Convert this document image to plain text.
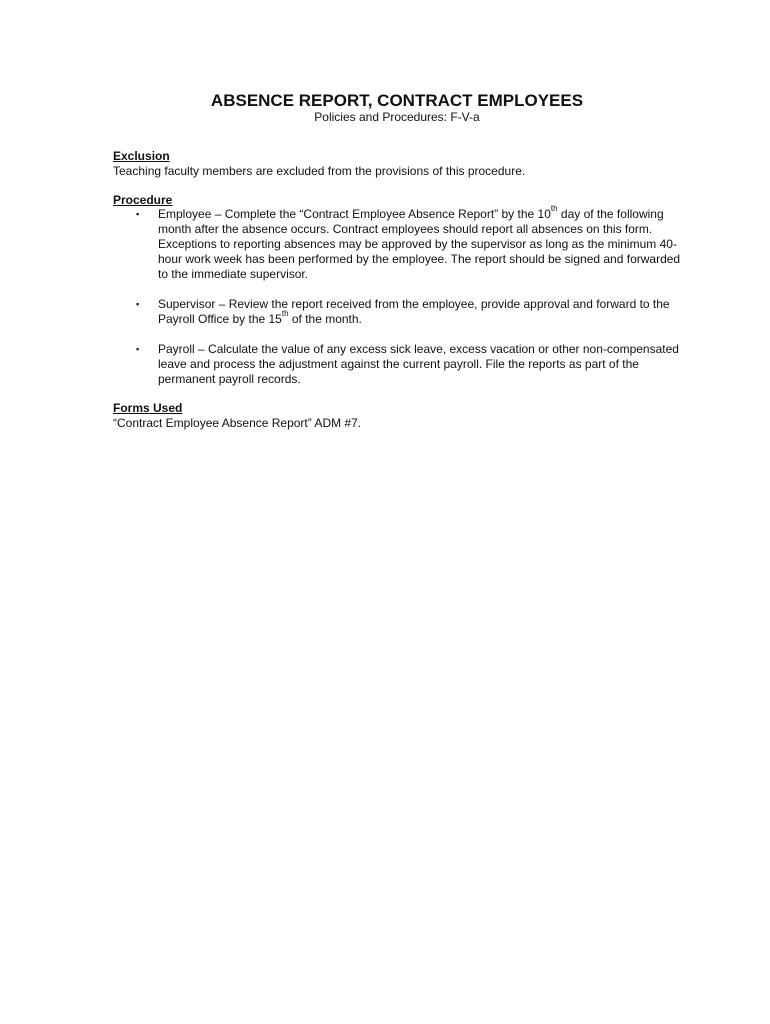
ABSENCE REPORT, CONTRACT EMPLOYEES
Policies and Procedures: F-V-a
Exclusion
Teaching faculty members are excluded from the provisions of this procedure.
Procedure
▪	Employee – Complete the “Contract Employee Absence Report” by the 10th day of the following month after the absence occurs. Contract employees should report all absences on this form. Exceptions to reporting absences may be approved by the supervisor as long as the minimum 40-hour work week has been performed by the employee. The report should be signed and forwarded to the immediate supervisor.
▪	Supervisor – Review the report received from the employee, provide approval and forward to the Payroll Office by the 15th of the month.
▪	Payroll – Calculate the value of any excess sick leave, excess vacation or other non-compensated leave and process the adjustment against the current payroll. File the reports as part of the permanent payroll records.
Forms Used
“Contract Employee Absence Report” ADM #7.
